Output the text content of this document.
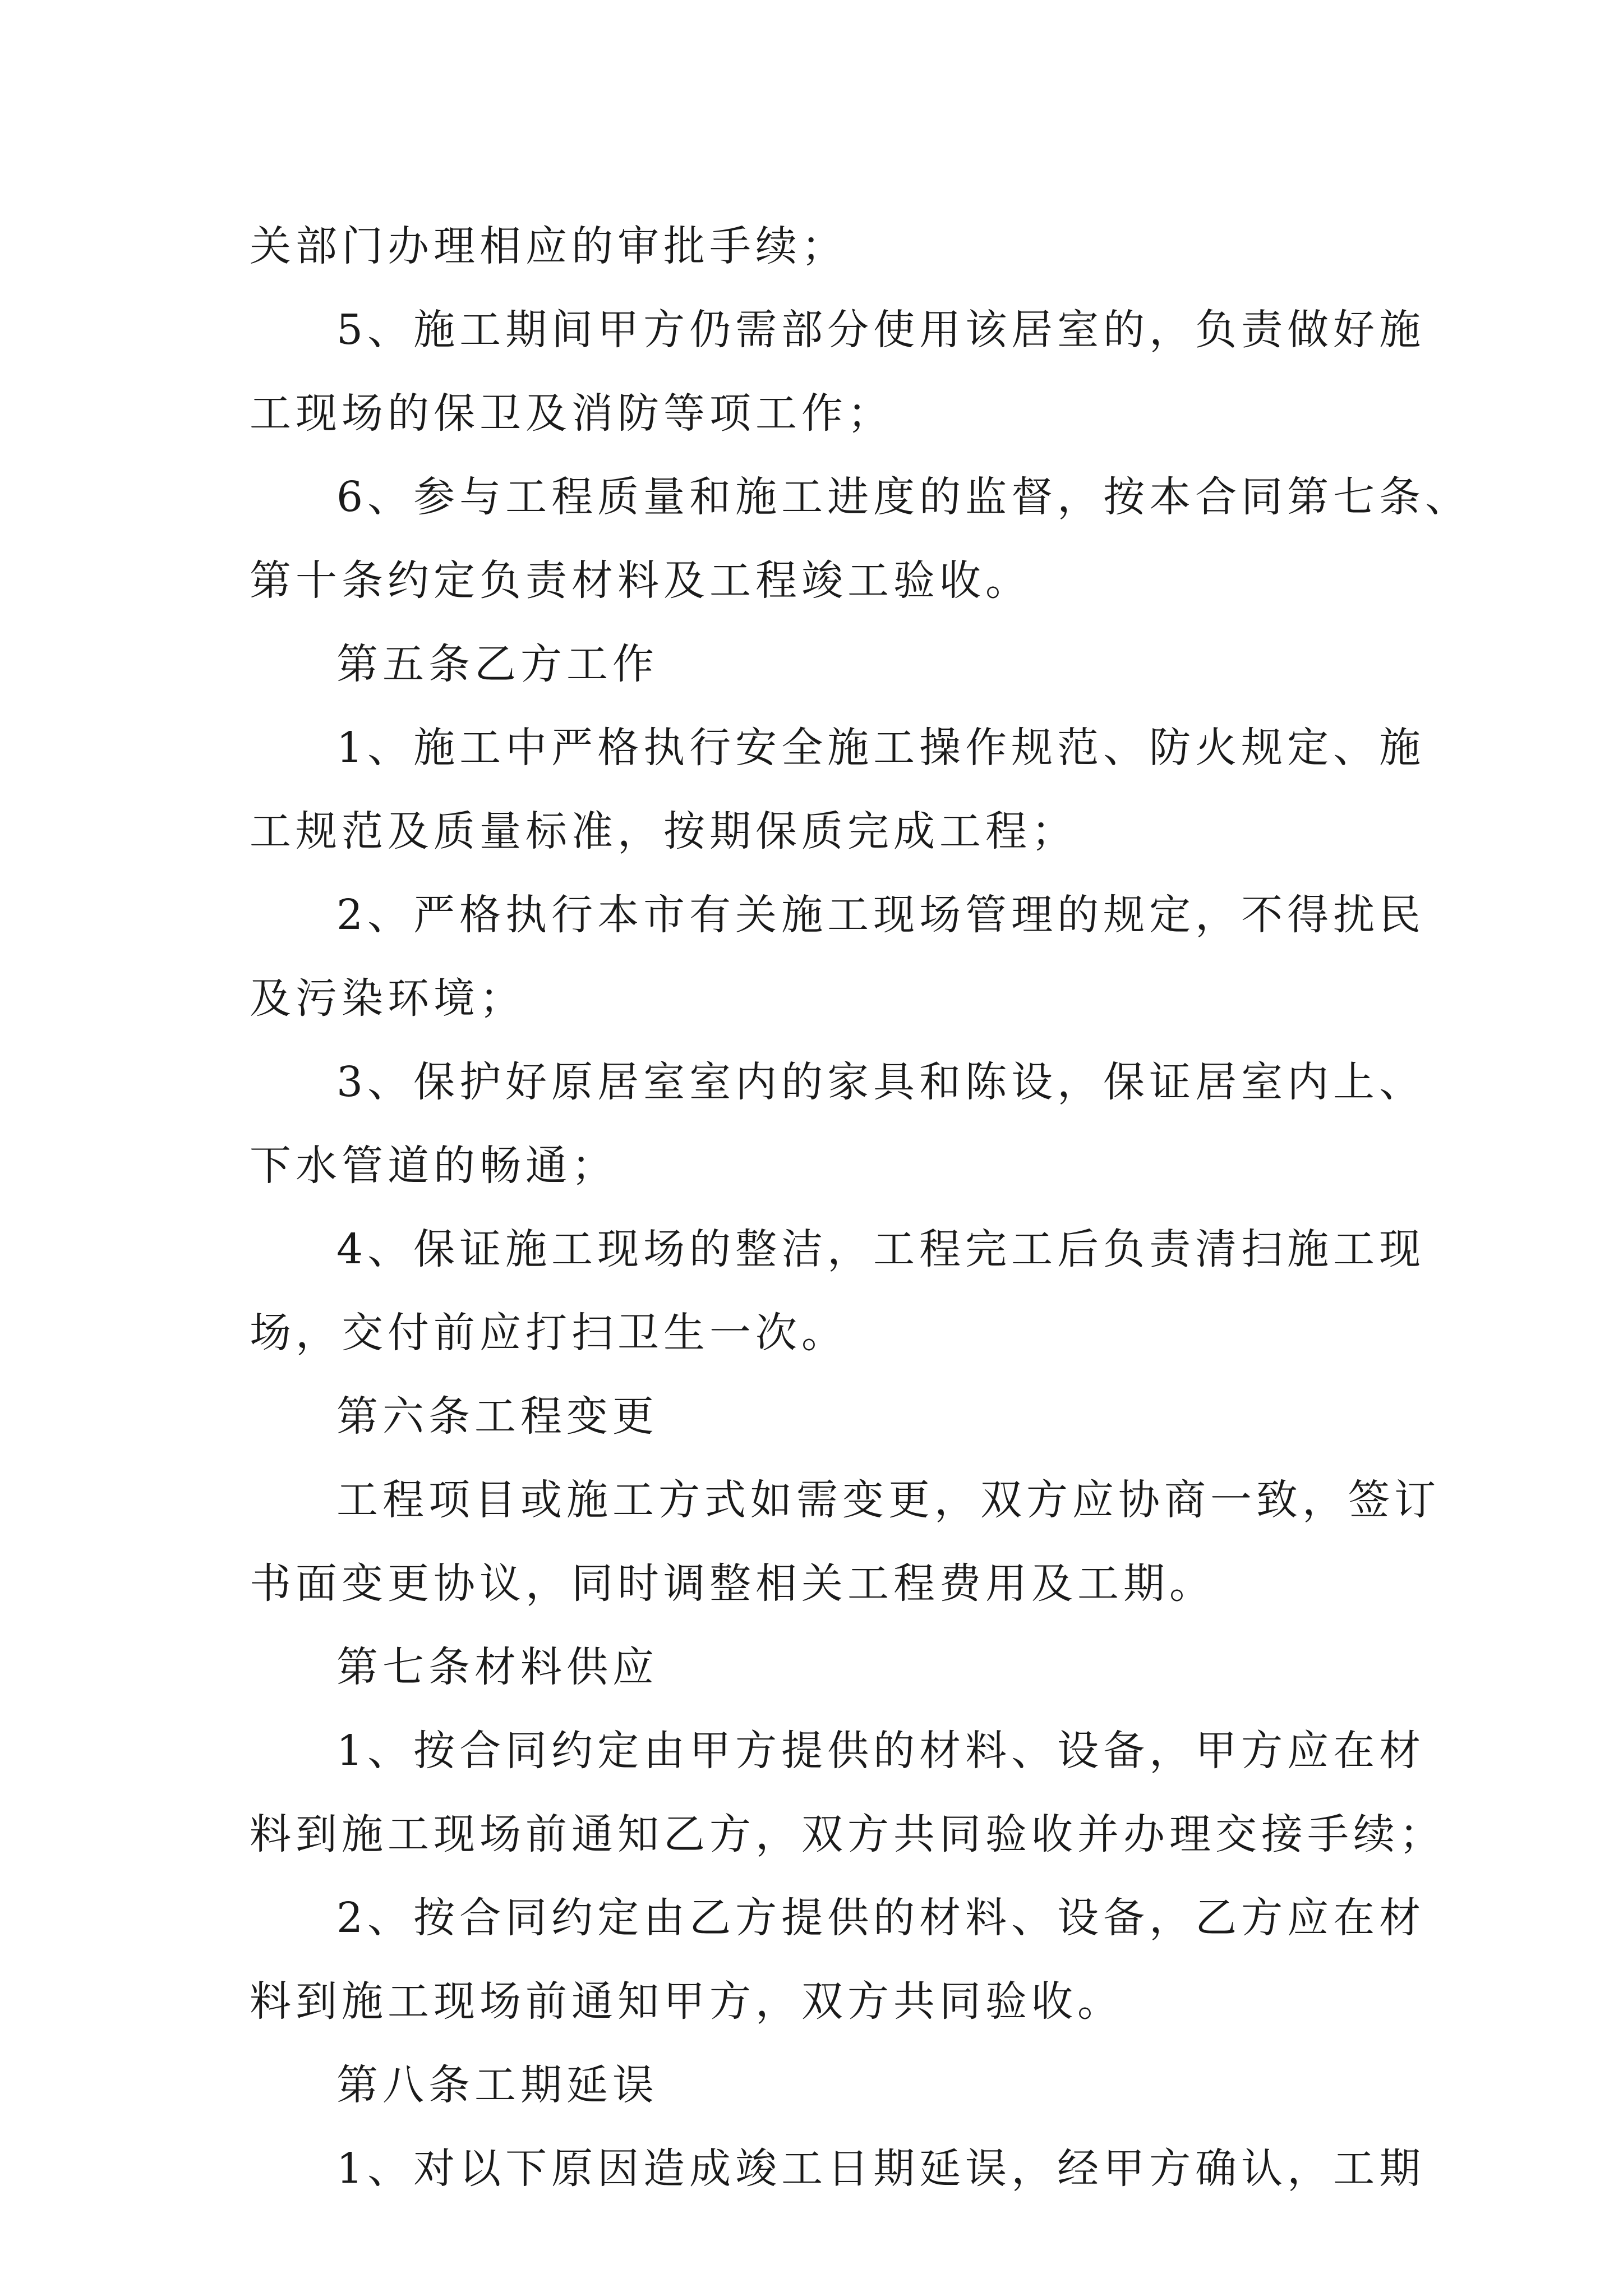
关部门办理相应的审批手续；
5、施工期间甲方仍需部分使用该居室的，负责做好施
工现场的保卫及消防等项工作；
6、参与工程质量和施工进度的监督，按本合同第七条、
第十条约定负责材料及工程竣工验收。
第五条乙方工作
1、施工中严格执行安全施工操作规范、防火规定、施
工规范及质量标准，按期保质完成工程；
2、严格执行本市有关施工现场管理的规定，不得扰民
及污染环境；
3、保护好原居室室内的家具和陈设，保证居室内上、
下水管道的畅通；
4、保证施工现场的整洁，工程完工后负责清扫施工现
场，交付前应打扫卫生一次。
第六条工程变更
工程项目或施工方式如需变更，双方应协商一致，签订
书面变更协议，同时调整相关工程费用及工期。
第七条材料供应
1、按合同约定由甲方提供的材料、设备，甲方应在材
料到施工现场前通知乙方，双方共同验收并办理交接手续；
2、按合同约定由乙方提供的材料、设备，乙方应在材
料到施工现场前通知甲方，双方共同验收。
第八条工期延误
1、对以下原因造成竣工日期延误，经甲方确认，工期
